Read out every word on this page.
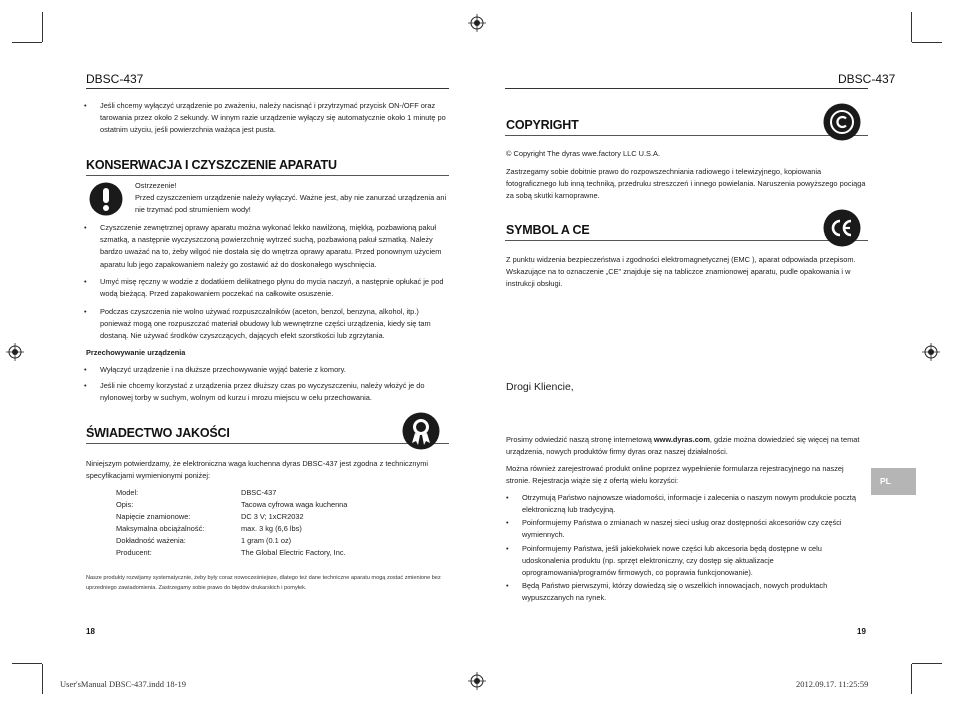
DBSC-437
• Jeśli chcemy wyłączyć urządzenie po zważeniu, należy nacisnąć i przytrzymać przycisk ON-/OFF oraz tarowania przez około 2 sekundy. W innym razie urządzenie wyłączy się automatycznie około 1 minutę po ostatnim użyciu, jeśli powierzchnia ważąca jest pusta.
KONSERWACJA I CZYSZCZENIE APARATU
Ostrzezenie!
Przed czyszczeniem urządzenie należy wyłączyć. Ważne jest, aby nie zanurzać urządzenia ani nie trzymać pod strumieniem wody!
• Czyszczenie zewnętrznej oprawy aparatu można wykonać lekko nawilżoną, miękką, pozbawioną pakuł szmatką, a następnie wyczyszczoną powierzchnię wytrzeć suchą, pozbawioną pakuł szmatką. Należy bardzo uważać na to, żeby wilgoć nie dostała się do wnętrza oprawy aparatu. Przed ponownym użyciem aparatu lub jego zapakowaniem należy go zostawić aż do doskonałego wyschnięcia.
• Umyć misę ręczny w wodzie z dodatkiem delikatnego płynu do mycia naczyń, a następnie opłukać je pod wodą bieżącą. Przed zapakowaniem poczekać na całkowite osuszenie.
• Podczas czyszczenia nie wolno używać rozpuszczalników (aceton, benzol, benzyna, alkohol, itp.) ponieważ mogą one rozpuszczać materiał obudowy lub wewnętrzne części urządzenia, kiedy się tam dostaną. Nie używać środków czyszczących, dających efekt szorstkości lub zgrzytania.
Przechowywanie urządzenia
• Wyłączyć urządzenie i na dłuższe przechowywanie wyjąć baterie z komory.
• Jeśli nie chcemy korzystać z urządzenia przez dłuższy czas po wyczyszczeniu, należy włożyć je do nylonowej torby w suchym, wolnym od kurzu i mrozu miejscu w celu przechowania.
ŚWIADECTWO JAKOŚCI
Niniejszym potwierdzamy, że elektroniczna waga kuchenna dyras DBSC-437 jest zgodna z technicznymi specyfikacjami wymienionymi poniżej:
Model:	DBSC-437
Opis:	Tacowa cyfrowa waga kuchenna
Napięcie znamionowe:	DC 3 V; 1xCR2032
Maksymalna obciążalność:	max. 3 kg (6,6 lbs)
Dokładność ważenia:	1 gram (0.1 oz)
Producent:	The Global Electric Factory, Inc.
Nasze produkty rozwijamy systematycznie, żeby były coraz nowocześniejsze, dlatego też dane techniczne aparatu mogą zostać zmienione bez uprzedniego zawiadomienia. Zastrzegamy sobie prawo do błędów drukarskich i pomyłek.
18
DBSC-437
COPYRIGHT
© Copyright The dyras wwe.factory LLC U.S.A.
Zastrzegamy sobie dobitnie prawo do rozpowszechniania radiowego i telewizyjnego, kopiowania fotograficznego lub inną techniką, przedruku streszczeń i innego powielania. Naruszenia powyższego pociąga za sobą skutki karnoprawne.
SYMBOL A CE
Z punktu widzenia bezpieczeństwa i zgodności elektromagnetycznej (EMC ), aparat odpowiada przepisom. Wskazujące na to oznaczenie „CE" znajduje się na tabliczce znamionowej aparatu, pudle opakowania i w instrukcji obsługi.
Drogi Kliencie,
Prosimy odwiedzić naszą stronę internetową www.dyras.com, gdzie można dowiedzieć się więcej na temat urządzenia, nowych produktów firmy dyras oraz naszej działalności.
Można również zarejestrować produkt online poprzez wypełnienie formularza rejestracyjnego na naszej stronie. Rejestracja wiąże się z ofertą wielu korzyści:
• Otrzymują Państwo najnowsze wiadomości, informacje i zalecenia o naszym nowym produkcie pocztą elektroniczną lub tradycyjną.
• Poinformujemy Państwa o zmianach w naszej sieci usług oraz dostępności akcesoriów czy części wymiennych.
• Poinformujemy Państwa, jeśli jakiekolwiek nowe części lub akcesoria będą dostępne w celu udoskonalenia produktu (np. sprzęt elektroniczny, czy dostęp się aktualizacje oprogramowania/programów firmowych, co poprawia funkcjonowanie).
• Będą Państwo pierwszymi, którzy dowiedzą się o wszelkich innowacjach, nowych produktach wypuszczanych na rynek.
PL
19
User'sManual DBSC-437.indd 18-19	2012.09.17. 11:25:59
